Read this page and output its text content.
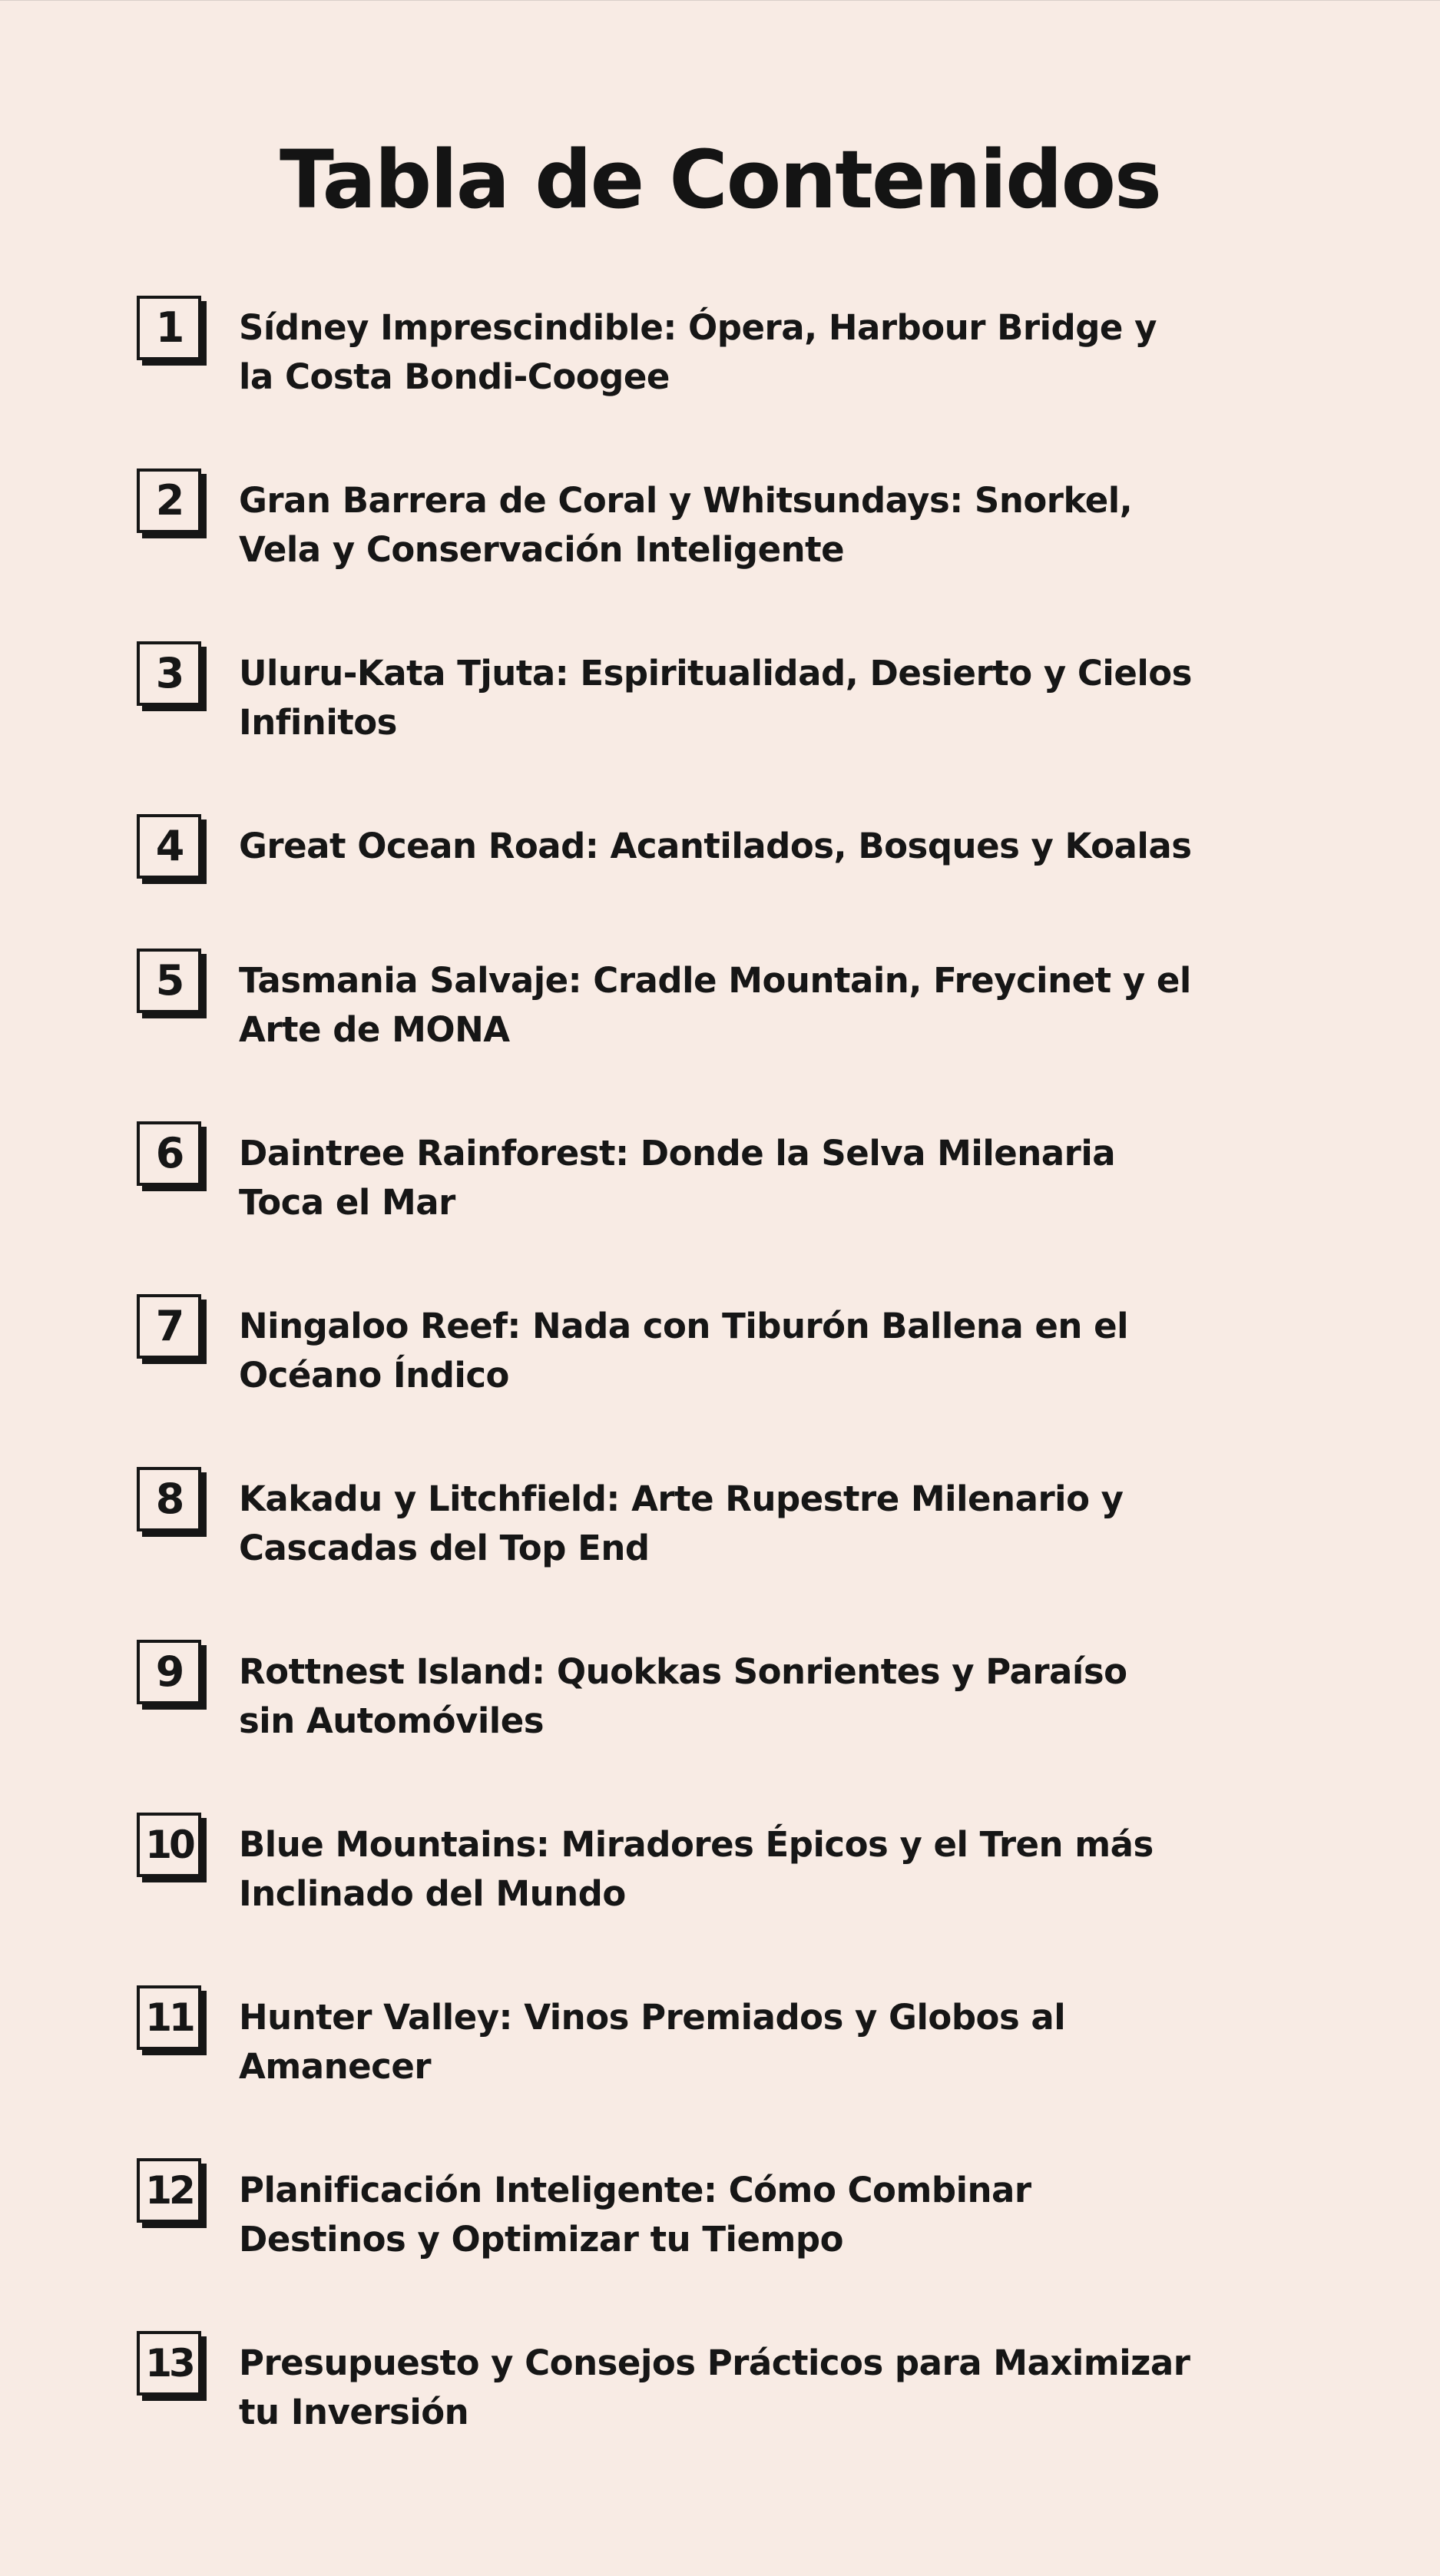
Tabla de Contenidos
1	Sídney Imprescindible: Ópera, Harbour Bridge y
la Costa Bondi-Coogee
2	Gran Barrera de Coral y Whitsundays: Snorkel,
Vela y Conservación Inteligente
3	Uluru-Kata Tjuta: Espiritualidad, Desierto y Cielos
Infinitos
4	Great Ocean Road: Acantilados, Bosques y Koalas
5	Tasmania Salvaje: Cradle Mountain, Freycinet y el
Arte de MONA
6	Daintree Rainforest: Donde la Selva Milenaria
Toca el Mar
7	Ningaloo Reef: Nada con Tiburón Ballena en el
Océano Índico
8	Kakadu y Litchfield: Arte Rupestre Milenario y
Cascadas del Top End
9	Rottnest Island: Quokkas Sonrientes y Paraíso
sin Automóviles
10 Blue Mountains: Miradores Épicos y el Tren más
Inclinado del Mundo
11 Hunter Valley: Vinos Premiados y Globos al
Amanecer
12 Planificación Inteligente: Cómo Combinar
Destinos y Optimizar tu Tiempo
13 Presupuesto y Consejos Prácticos para Maximizar
tu Inversión
